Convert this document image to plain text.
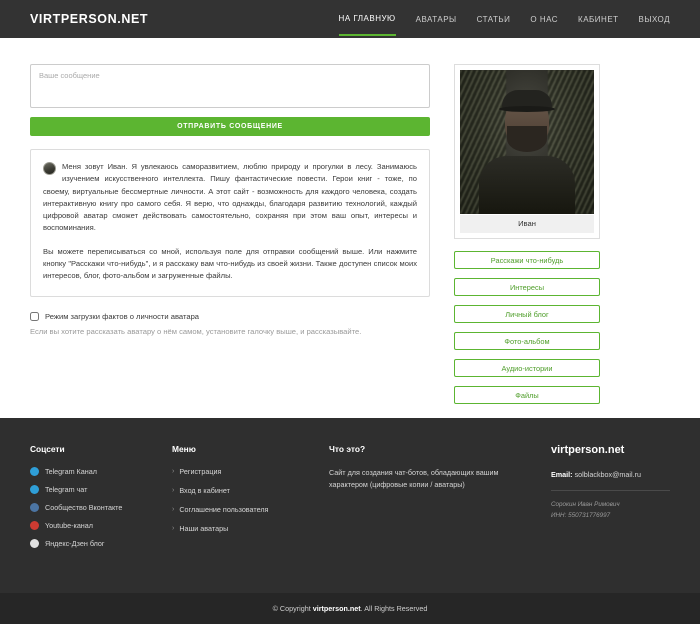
VIRTPERSON.NET	НА ГЛАВНУЮ	АВАТАРЫ	СТАТЬИ	О НАС	КАБИНЕТ	ВЫХОД
Ваше сообщение ОТПРАВИТЬ СООБЩЕНИЕ

Меня зовут Иван. Я увлекаюсь саморазвитием, люблю природу и прогулки в лесу. Занимаюсь изучением искусственного интеллекта. Пишу фантастические повести. Герои книг - тоже, по своему, виртуальные бессмертные личности. А этот сайт - возможность для каждого человека, создать интерактивную книгу про самого себя. Я верю, что однажды, благодаря развитию технологий, каждый цифровой аватар сможет действовать самостоятельно, сохраняя при этом ваш опыт, интересы и воспоминания.

Вы можете переписываться со мной, используя поле для отправки сообщений выше. Или нажмите кнопку "Расскажи что-нибудь", и я расскажу вам что-нибудь из своей жизни. Также доступен список моих интересов, блог, фото-альбом и загруженные файлы.

Режим загрузки фактов о личности аватара
Если вы хотите рассказать аватару о нём самом, установите галочку выше, и рассказывайте.
Иван
Расскажи что-нибудь
Интересы
Личный блог
Фото-альбом
Аудио-истории
Файлы
Соцсети
Telegram Канал
Telegram чат
Сообщество Вконтакте
Youtube-канал
Яндекс-Дзен блог
Меню
› Регистрация
› Вход в кабинет
› Соглашение пользователя
› Наши аватары
Что это?
Сайт для создания чат-ботов, обладающих вашим характером (цифровые копии / аватары)
virtperson.net
Email: solblackbox@mail.ru
Сорокин Иван Римович
ИНН: 550731776997
© Copyright virtperson.net. All Rights Reserved
